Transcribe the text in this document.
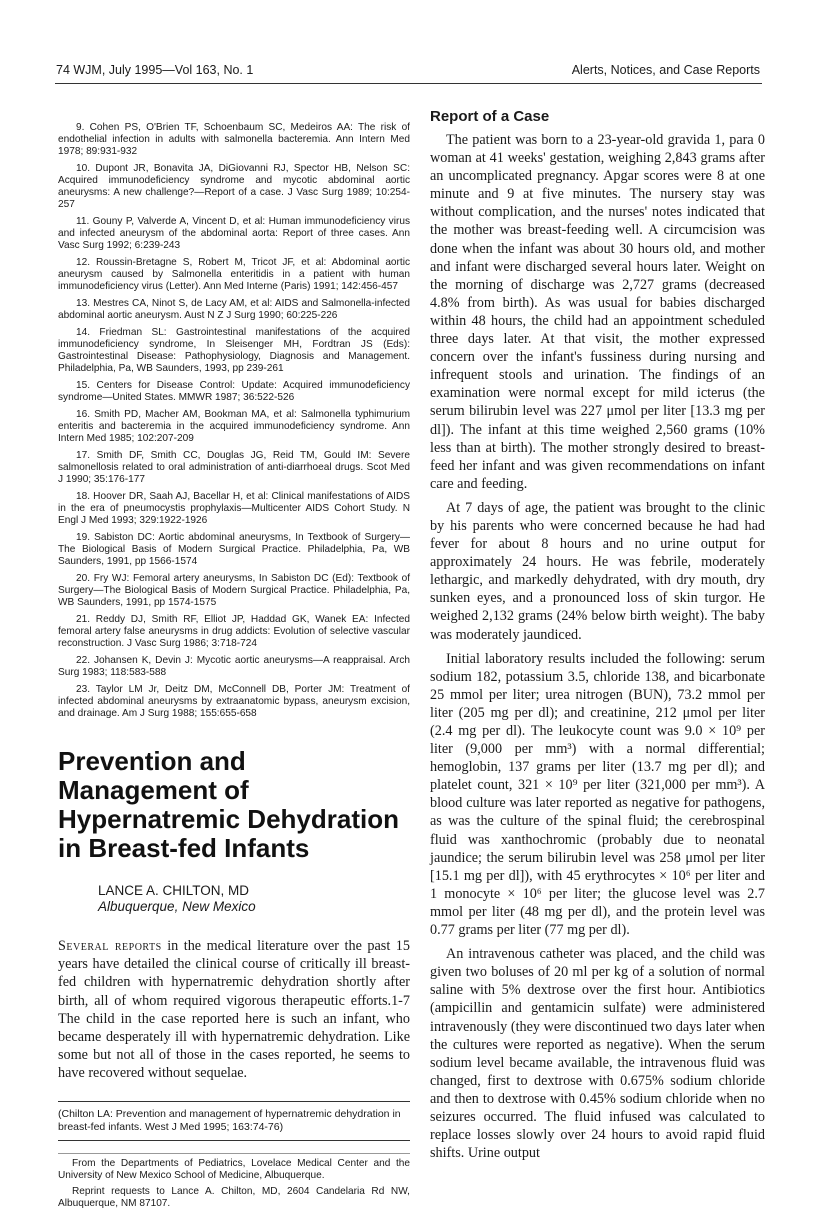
74 WJM, July 1995—Vol 163, No. 1	Alerts, Notices, and Case Reports
9. Cohen PS, O'Brien TF, Schoenbaum SC, Medeiros AA: The risk of endothelial infection in adults with salmonella bacteremia. Ann Intern Med 1978; 89:931-932
10. Dupont JR, Bonavita JA, DiGiovanni RJ, Spector HB, Nelson SC: Acquired immunodeficiency syndrome and mycotic abdominal aortic aneurysms: A new challenge?—Report of a case. J Vasc Surg 1989; 10:254-257
11. Gouny P, Valverde A, Vincent D, et al: Human immunodeficiency virus and infected aneurysm of the abdominal aorta: Report of three cases. Ann Vasc Surg 1992; 6:239-243
12. Roussin-Bretagne S, Robert M, Tricot JF, et al: Abdominal aortic aneurysm caused by Salmonella enteritidis in a patient with human immunodeficiency virus (Letter). Ann Med Interne (Paris) 1991; 142:456-457
13. Mestres CA, Ninot S, de Lacy AM, et al: AIDS and Salmonella-infected abdominal aortic aneurysm. Aust N Z J Surg 1990; 60:225-226
14. Friedman SL: Gastrointestinal manifestations of the acquired immunodeficiency syndrome, In Sleisenger MH, Fordtran JS (Eds): Gastrointestinal Disease: Pathophysiology, Diagnosis and Management. Philadelphia, Pa, WB Saunders, 1993, pp 239-261
15. Centers for Disease Control: Update: Acquired immunodeficiency syndrome—United States. MMWR 1987; 36:522-526
16. Smith PD, Macher AM, Bookman MA, et al: Salmonella typhimurium enteritis and bacteremia in the acquired immunodeficiency syndrome. Ann Intern Med 1985; 102:207-209
17. Smith DF, Smith CC, Douglas JG, Reid TM, Gould IM: Severe salmonellosis related to oral administration of anti-diarrhoeal drugs. Scot Med J 1990; 35:176-177
18. Hoover DR, Saah AJ, Bacellar H, et al: Clinical manifestations of AIDS in the era of pneumocystis prophylaxis—Multicenter AIDS Cohort Study. N Engl J Med 1993; 329:1922-1926
19. Sabiston DC: Aortic abdominal aneurysms, In Textbook of Surgery—The Biological Basis of Modern Surgical Practice. Philadelphia, Pa, WB Saunders, 1991, pp 1566-1574
20. Fry WJ: Femoral artery aneurysms, In Sabiston DC (Ed): Textbook of Surgery—The Biological Basis of Modern Surgical Practice. Philadelphia, Pa, WB Saunders, 1991, pp 1574-1575
21. Reddy DJ, Smith RF, Elliot JP, Haddad GK, Wanek EA: Infected femoral artery false aneurysms in drug addicts: Evolution of selective vascular reconstruction. J Vasc Surg 1986; 3:718-724
22. Johansen K, Devin J: Mycotic aortic aneurysms—A reappraisal. Arch Surg 1983; 118:583-588
23. Taylor LM Jr, Deitz DM, McConnell DB, Porter JM: Treatment of infected abdominal aneurysms by extraanatomic bypass, aneurysm excision, and drainage. Am J Surg 1988; 155:655-658
Prevention and Management of Hypernatremic Dehydration in Breast-fed Infants
LANCE A. CHILTON, MD
Albuquerque, New Mexico

Several reports in the medical literature over the past 15 years have detailed the clinical course of critically ill breast-fed children with hypernatremic dehydration shortly after birth, all of whom required vigorous therapeutic efforts.1-7 The child in the case reported here is such an infant, who became desperately ill with hypernatremic dehydration. Like some but not all of those in the cases reported, he seems to have recovered without sequelae.

(Chilton LA: Prevention and management of hypernatremic dehydration in breast-fed infants. West J Med 1995; 163:74-76)

From the Departments of Pediatrics, Lovelace Medical Center and the University of New Mexico School of Medicine, Albuquerque.

Reprint requests to Lance A. Chilton, MD, 2604 Candelaria Rd NW, Albuquerque, NM 87107.

Report of a Case

The patient was born to a 23-year-old gravida 1, para 0 woman at 41 weeks' gestation, weighing 2,843 grams after an uncomplicated pregnancy. Apgar scores were 8 at one minute and 9 at five minutes. The nursery stay was without complication, and the nurses' notes indicated that the mother was breast-feeding well. A circumcision was done when the infant was about 30 hours old, and mother and infant were discharged several hours later. Weight on the morning of discharge was 2,727 grams (decreased 4.8% from birth). As was usual for babies discharged within 48 hours, the child had an appointment scheduled three days later. At that visit, the mother expressed concern over the infant's fussiness during nursing and infrequent stools and urination. The findings of an examination were normal except for mild icterus (the serum bilirubin level was 227 μmol per liter [13.3 mg per dl]). The infant at this time weighed 2,560 grams (10% less than at birth). The mother strongly desired to breast-feed her infant and was given recommendations on infant care and feeding.

At 7 days of age, the patient was brought to the clinic by his parents who were concerned because he had had fever for about 8 hours and no urine output for approximately 24 hours. He was febrile, moderately lethargic, and markedly dehydrated, with dry mouth, dry sunken eyes, and a pronounced loss of skin turgor. He weighed 2,132 grams (24% below birth weight). The baby was moderately jaundiced.

Initial laboratory results included the following: serum sodium 182, potassium 3.5, chloride 138, and bicarbonate 25 mmol per liter; urea nitrogen (BUN), 73.2 mmol per liter (205 mg per dl); and creatinine, 212 μmol per liter (2.4 mg per dl). The leukocyte count was 9.0 × 10⁹ per liter (9,000 per mm³) with a normal differential; hemoglobin, 137 grams per liter (13.7 mg per dl); and platelet count, 321 × 10⁹ per liter (321,000 per mm³). A blood culture was later reported as negative for pathogens, as was the culture of the spinal fluid; the cerebrospinal fluid was xanthochromic (probably due to neonatal jaundice; the serum bilirubin level was 258 μmol per liter [15.1 mg per dl]), with 45 erythrocytes × 10⁶ per liter and 1 monocyte × 10⁶ per liter; the glucose level was 2.7 mmol per liter (48 mg per dl), and the protein level was 0.77 grams per liter (77 mg per dl).

An intravenous catheter was placed, and the child was given two boluses of 20 ml per kg of a solution of normal saline with 5% dextrose over the first hour. Antibiotics (ampicillin and gentamicin sulfate) were administered intravenously (they were discontinued two days later when the cultures were reported as negative). When the serum sodium level became available, the intravenous fluid was changed, first to dextrose with 0.675% sodium chloride and then to dextrose with 0.45% sodium chloride when no seizures occurred. The fluid infused was calculated to replace losses slowly over 24 hours to avoid rapid fluid shifts. Urine output
